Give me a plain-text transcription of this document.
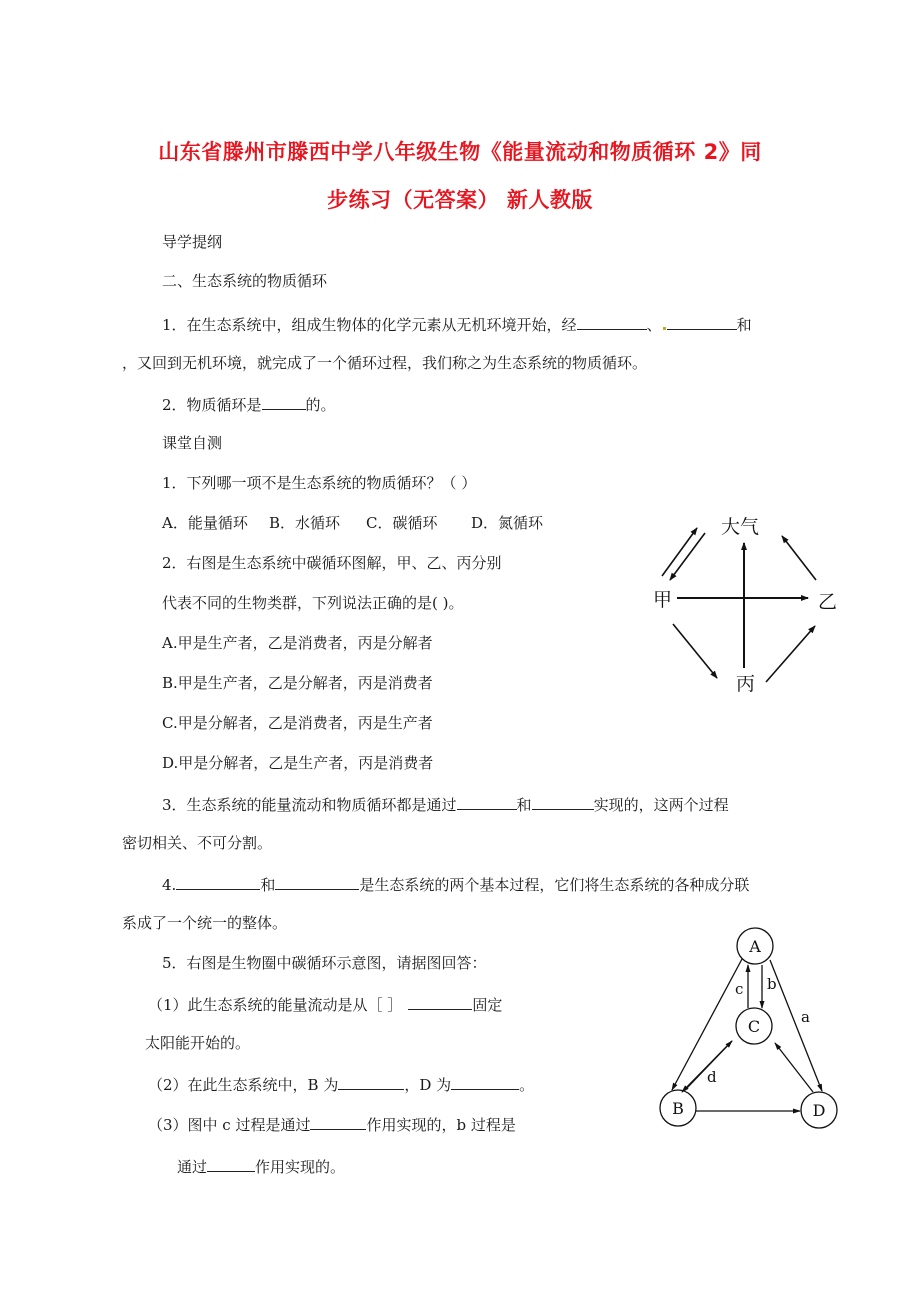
山东省滕州市滕西中学八年级生物《能量流动和物质循环 2》同
步练习（无答案） 新人教版
导学提纲
二、生态系统的物质循环
1．在生态系统中，组成生物体的化学元素从无机环境开始，经	、	和
，又回到无机环境，就完成了一个循环过程，我们称之为生态系统的物质循环。
2．物质循环是	的。
课堂自测
1．下列哪一项不是生态系统的物质循环？（ ）
A．能量循环 B．水循环 C．碳循环 D．氮循环
2．右图是生态系统中碳循环图解，甲、乙、丙分别
代表不同的生物类群，下列说法正确的是( )。
A.甲是生产者，乙是消费者，丙是分解者
B.甲是生产者，乙是分解者，丙是消费者
C.甲是分解者，乙是消费者，丙是生产者
D.甲是分解者，乙是生产者，丙是消费者
3．生态系统的能量流动和物质循环都是通过	和	实现的，这两个过程
密切相关、不可分割。
4.	和	是生态系统的两个基本过程，它们将生态系统的各种成分联
系成了一个统一的整体。
5．右图是生物圈中碳循环示意图，请据图回答：
（1）此生态系统的能量流动是从［ ］	固定
太阳能开始的。
（2）在此生态系统中，B 为	，D 为	。
（3）图中 c 过程是通过	作用实现的，b 过程是
通过	作用实现的。
大气
甲	乙
丙
A
C
B	D
c b
a
d
